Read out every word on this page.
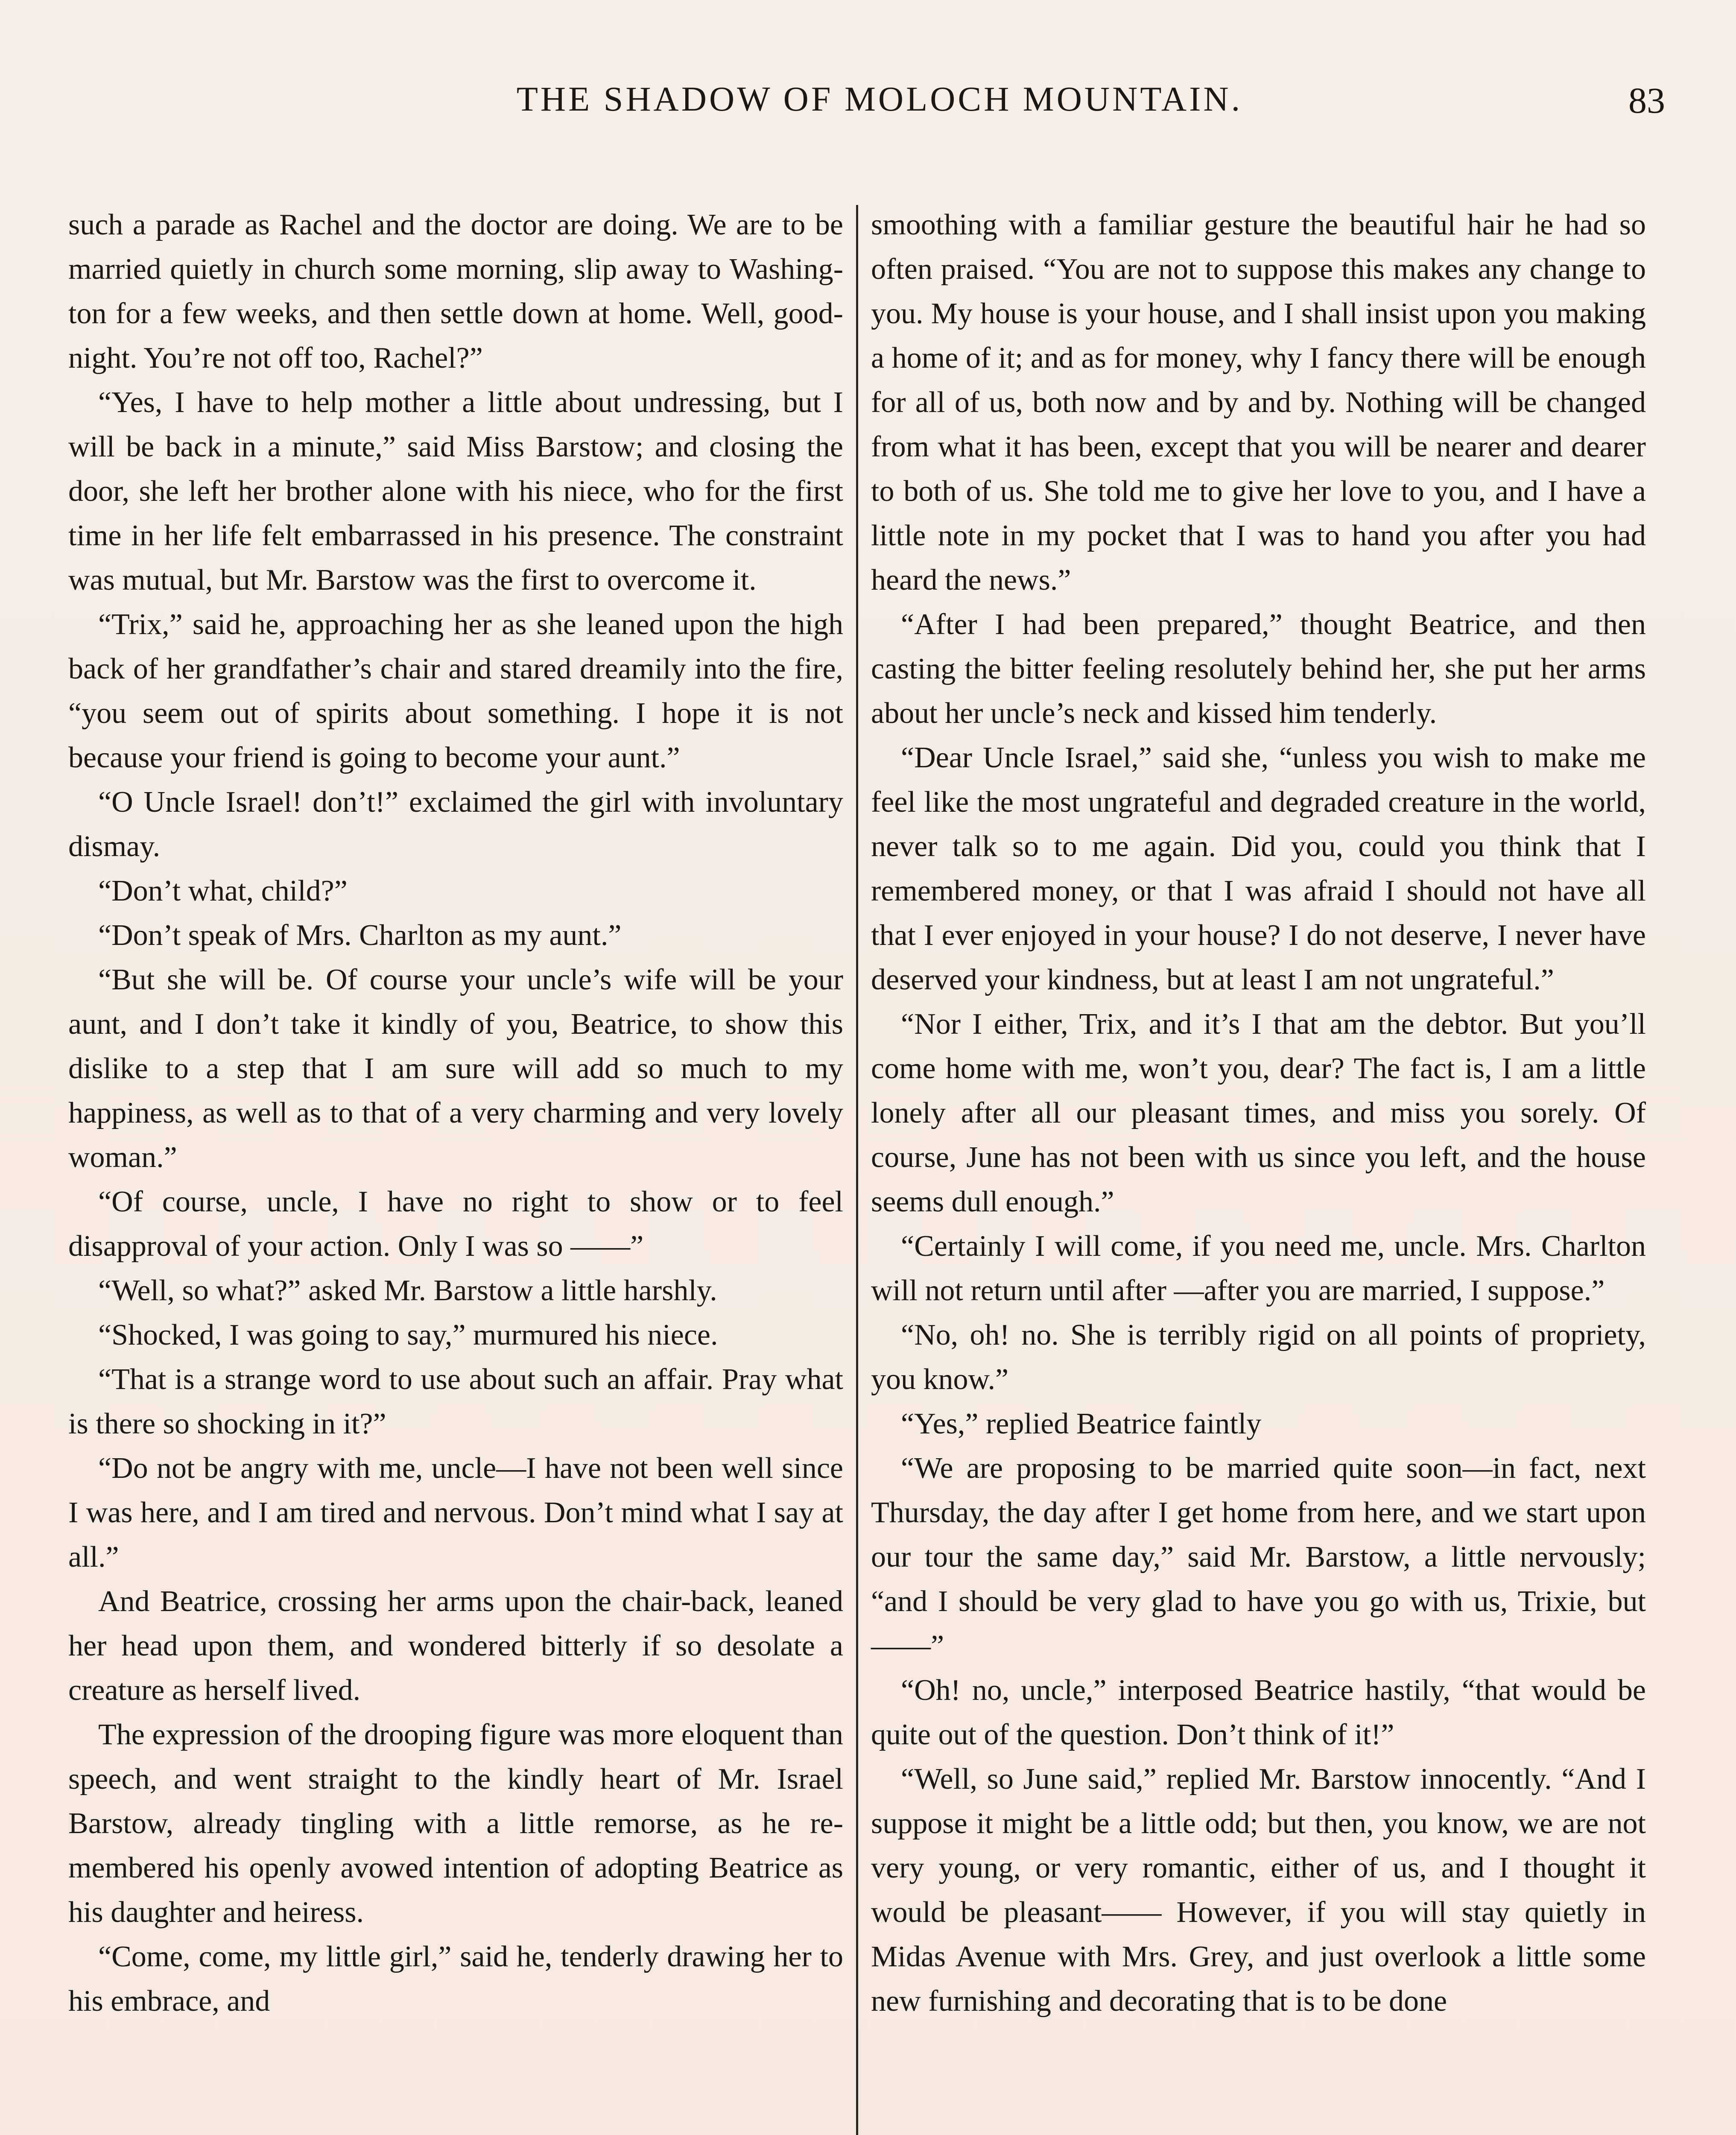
THE SHADOW OF MOLOCH MOUNTAIN.	83

such a parade as Rachel and the doctor are doing. We are to be married quietly in church some morning, slip away to Washington for a few weeks, and then settle down at home. Well, good-night. You’re not off too, Rachel?”

“Yes, I have to help mother a little about undressing, but I will be back in a minute,” said Miss Barstow; and closing the door, she left her brother alone with his niece, who for the first time in her life felt embarrassed in his presence. The constraint was mutual, but Mr. Barstow was the first to overcome it.

“Trix,” said he, approaching her as she leaned upon the high back of her grandfather’s chair and stared dreamily into the fire, “you seem out of spirits about something. I hope it is not because your friend is going to become your aunt.”

“O Uncle Israel! don’t!” exclaimed the girl with involuntary dismay.

“Don’t what, child?”

“Don’t speak of Mrs. Charlton as my aunt.”

“But she will be. Of course your uncle’s wife will be your aunt, and I don’t take it kindly of you, Beatrice, to show this dislike to a step that I am sure will add so much to my happiness, as well as to that of a very charming and very lovely woman.”

“Of course, uncle, I have no right to show or to feel disapproval of your action. Only I was so ——”

“Well, so what?” asked Mr. Barstow a little harshly.

“Shocked, I was going to say,” murmured his niece.

“That is a strange word to use about such an affair. Pray what is there so shocking in it?”

“Do not be angry with me, uncle—I have not been well since I was here, and I am tired and nervous. Don’t mind what I say at all.”

And Beatrice, crossing her arms upon the chair-back, leaned her head upon them, and wondered bitterly if so desolate a creature as herself lived.

The expression of the drooping figure was more eloquent than speech, and went straight to the kindly heart of Mr. Israel Barstow, already tingling with a little remorse, as he remembered his openly avowed intention of adopting Beatrice as his daughter and heiress.

“Come, come, my little girl,” said he, tenderly drawing her to his embrace, and

smoothing with a familiar gesture the beautiful hair he had so often praised. “You are not to suppose this makes any change to you. My house is your house, and I shall insist upon you making a home of it; and as for money, why I fancy there will be enough for all of us, both now and by and by. Nothing will be changed from what it has been, except that you will be nearer and dearer to both of us. She told me to give her love to you, and I have a little note in my pocket that I was to hand you after you had heard the news.”

“After I had been prepared,” thought Beatrice, and then casting the bitter feeling resolutely behind her, she put her arms about her uncle’s neck and kissed him tenderly.

“Dear Uncle Israel,” said she, “unless you wish to make me feel like the most ungrateful and degraded creature in the world, never talk so to me again. Did you, could you think that I remembered money, or that I was afraid I should not have all that I ever enjoyed in your house? I do not deserve, I never have deserved your kindness, but at least I am not ungrateful.”

“Nor I either, Trix, and it’s I that am the debtor. But you’ll come home with me, won’t you, dear? The fact is, I am a little lonely after all our pleasant times, and miss you sorely. Of course, June has not been with us since you left, and the house seems dull enough.”

“Certainly I will come, if you need me, uncle. Mrs. Charlton will not return until after —after you are married, I suppose.”

“No, oh! no. She is terribly rigid on all points of propriety, you know.”

“Yes,” replied Beatrice faintly

“We are proposing to be married quite soon—in fact, next Thursday, the day after I get home from here, and we start upon our tour the same day,” said Mr. Barstow, a little nervously; “and I should be very glad to have you go with us, Trixie, but——”

“Oh! no, uncle,” interposed Beatrice hastily, “that would be quite out of the question. Don’t think of it!”

“Well, so June said,” replied Mr. Barstow innocently. “And I suppose it might be a little odd; but then, you know, we are not very young, or very romantic, either of us, and I thought it would be pleasant—— However, if you will stay quietly in Midas Avenue with Mrs. Grey, and just overlook a little some new furnishing and decorating that is to be done
